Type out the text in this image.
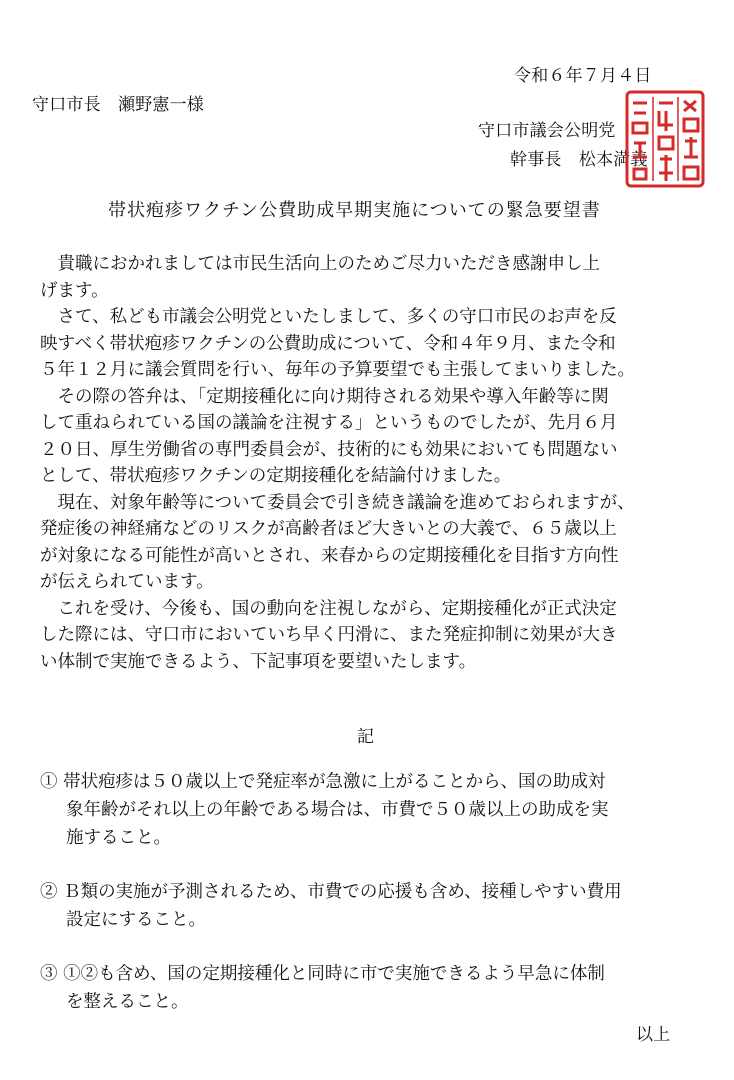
令和６年７月４日
守口市長　瀬野憲一様
守口市議会公明党
幹事長　松本満義
帯状疱疹ワクチン公費助成早期実施についての緊急要望書

　貴職におかれましては市民生活向上のためご尽力いただき感謝申し上

げます。

　さて、私ども市議会公明党といたしまして、多くの守口市民のお声を反

映すべく帯状疱疹ワクチンの公費助成について、令和４年９月、また令和

５年１２月に議会質問を行い、毎年の予算要望でも主張してまいりました。

　その際の答弁は、「定期接種化に向け期待される効果や導入年齢等に関

して重ねられている国の議論を注視する」というものでしたが、先月６月

２０日、厚生労働省の専門委員会が、技術的にも効果においても問題ない

として、帯状疱疹ワクチンの定期接種化を結論付けました。

　現在、対象年齢等について委員会で引き続き議論を進めておられますが、

発症後の神経痛などのリスクが高齢者ほど大きいとの大義で、６５歳以上

が対象になる可能性が高いとされ、来春からの定期接種化を目指す方向性

が伝えられています。

　これを受け、今後も、国の動向を注視しながら、定期接種化が正式決定

した際には、守口市においていち早く円滑に、また発症抑制に効果が大き

い体制で実施できるよう、下記事項を要望いたします。

記

① 帯状疱疹は５０歳以上で発症率が急激に上がることから、国の助成対

象年齢がそれ以上の年齢である場合は、市費で５０歳以上の助成を実

施すること。

② Ｂ類の実施が予測されるため、市費での応援も含め、接種しやすい費用

設定にすること。

③ ①②も含め、国の定期接種化と同時に市で実施できるよう早急に体制

を整えること。

以上
